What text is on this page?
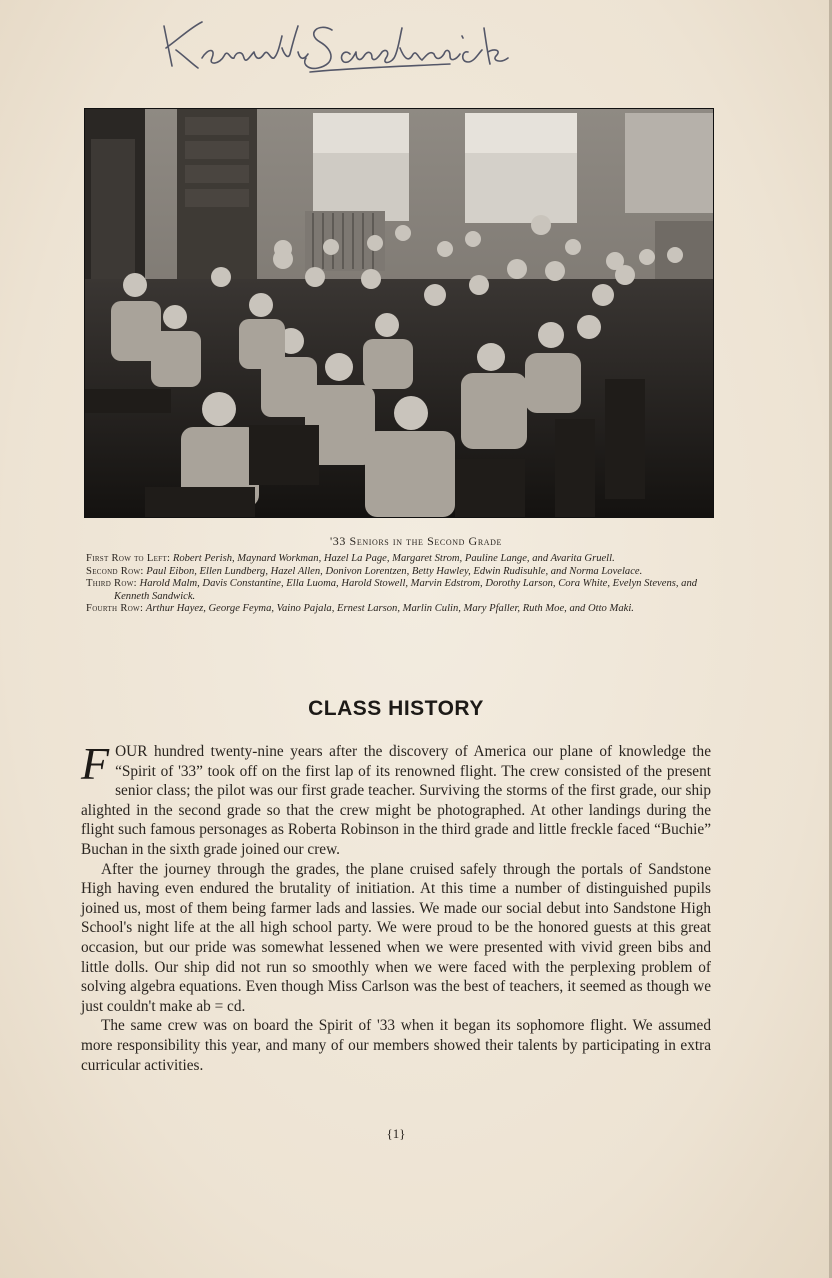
'33 Seniors in the Second Grade

First Row to Left: Robert Perish, Maynard Workman, Hazel La Page, Margaret Strom, Pauline Lange, and Avarita Gruell.

Second Row: Paul Eibon, Ellen Lundberg, Hazel Allen, Donivon Lorentzen, Betty Hawley, Edwin Rudisuhle, and Norma Lovelace.

Third Row: Harold Malm, Davis Constantine, Ella Luoma, Harold Stowell, Marvin Edstrom, Dorothy Larson, Cora White, Evelyn Stevens, and Kenneth Sandwick.

Fourth Row: Arthur Hayez, George Feyma, Vaino Pajala, Ernest Larson, Marlin Culin, Mary Pfaller, Ruth Moe, and Otto Maki.

CLASS HISTORY

FOUR hundred twenty-nine years after the discovery of America our plane of knowledge the “Spirit of '33” took off on the first lap of its renowned flight. The crew consisted of the present senior class; the pilot was our first grade teacher. Surviving the storms of the first grade, our ship alighted in the second grade so that the crew might be photographed. At other landings during the flight such famous personages as Roberta Robinson in the third grade and little freckle faced “Buchie” Buchan in the sixth grade joined our crew.

After the journey through the grades, the plane cruised safely through the portals of Sandstone High having even endured the brutality of initiation. At this time a number of distinguished pupils joined us, most of them being farmer lads and lassies. We made our social debut into Sandstone High School's night life at the all high school party. We were proud to be the honored guests at this great occasion, but our pride was somewhat lessened when we were presented with vivid green bibs and little dolls. Our ship did not run so smoothly when we were faced with the perplexing problem of solving algebra equations. Even though Miss Carlson was the best of teachers, it seemed as though we just couldn't make ab = cd.

The same crew was on board the Spirit of '33 when it began its sophomore flight. We assumed more responsibility this year, and many of our members showed their talents by participating in extra curricular activities.

{1}
